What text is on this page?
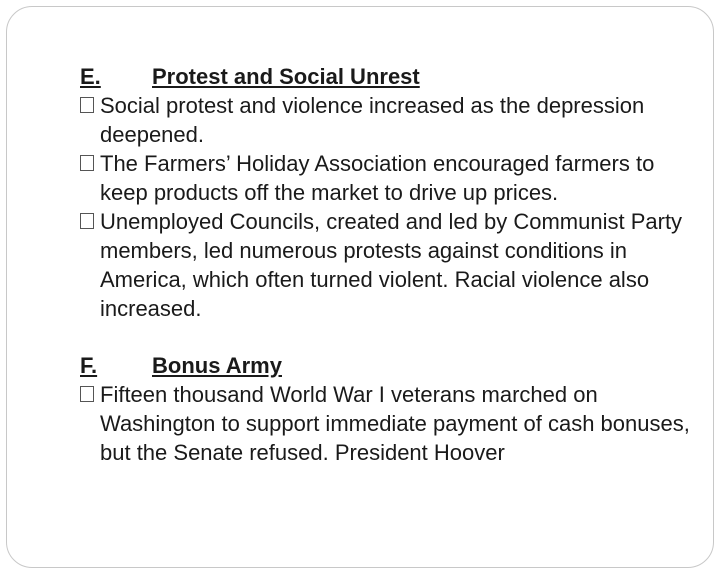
E.	Protest and Social Unrest

Social protest and violence increased as the depression deepened.

The Farmers’ Holiday Association encouraged farmers to keep products off the market to drive up prices.

Unemployed Councils, created and led by Communist Party members, led numerous protests against conditions in America, which often turned violent. Racial violence also increased.

F.	Bonus Army

Fifteen thousand World War I veterans marched on Washington to support immediate payment of cash bonuses, but the Senate refused. President Hoover
